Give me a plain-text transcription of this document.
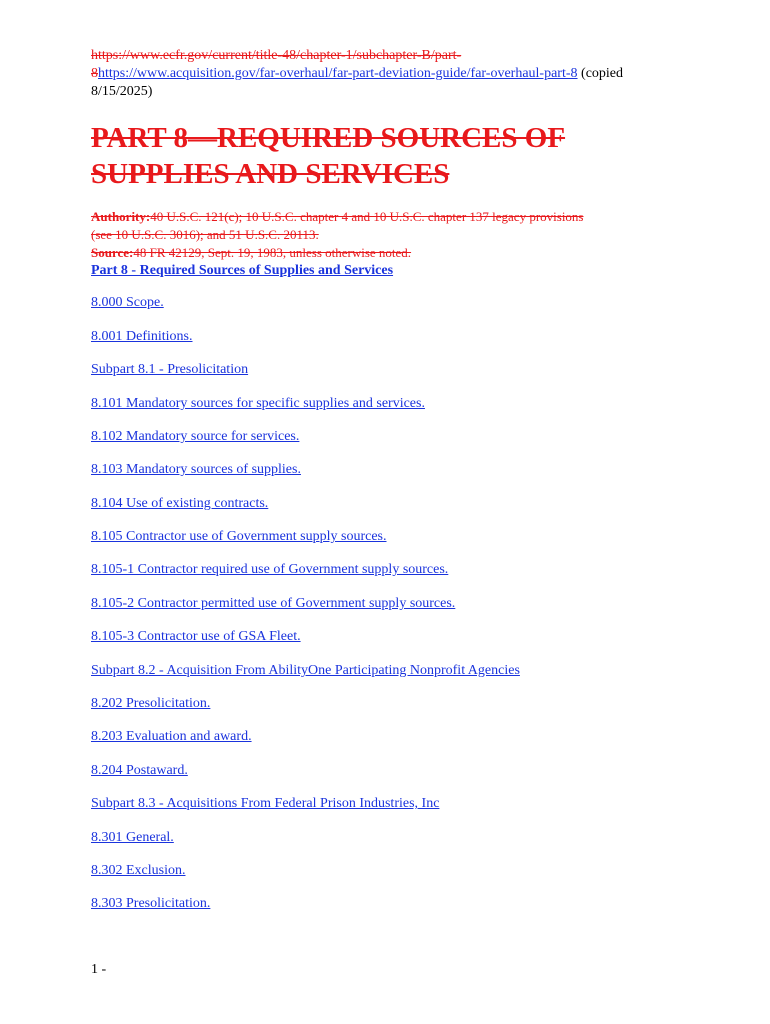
https://www.ecfr.gov/current/title-48/chapter-1/subchapter-B/part-
8https://www.acquisition.gov/far-overhaul/far-part-deviation-guide/far-overhaul-part-8 (copied
8/15/2025)
PART 8—REQUIRED SOURCES OF
SUPPLIES AND SERVICES
Authority:40 U.S.C. 121(c); 10 U.S.C. chapter 4 and 10 U.S.C. chapter 137 legacy provisions
(see 10 U.S.C. 3016); and 51 U.S.C. 20113.
Source:48 FR 42129, Sept. 19, 1983, unless otherwise noted.
Part 8 - Required Sources of Supplies and Services
8.000 Scope.
8.001 Definitions.
Subpart 8.1 - Presolicitation
8.101 Mandatory sources for specific supplies and services.
8.102 Mandatory source for services.
8.103 Mandatory sources of supplies.
8.104 Use of existing contracts.
8.105 Contractor use of Government supply sources.
8.105-1 Contractor required use of Government supply sources.
8.105-2 Contractor permitted use of Government supply sources.
8.105-3 Contractor use of GSA Fleet.
Subpart 8.2 - Acquisition From AbilityOne Participating Nonprofit Agencies
8.202 Presolicitation.
8.203 Evaluation and award.
8.204 Postaward.
Subpart 8.3 - Acquisitions From Federal Prison Industries, Inc
8.301 General.
8.302 Exclusion.
8.303 Presolicitation.
1 -
